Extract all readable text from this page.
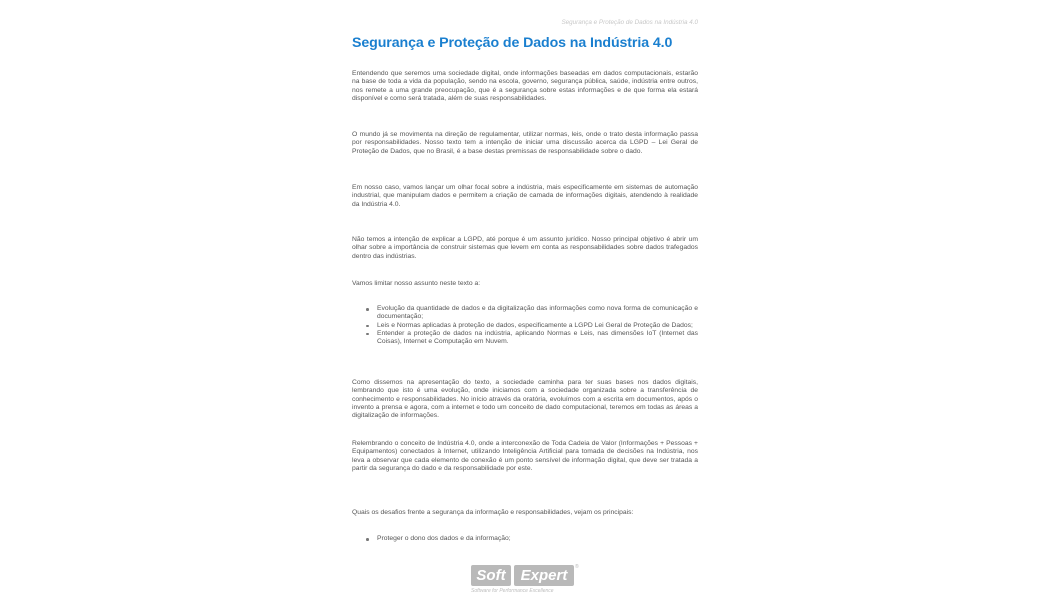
Segurança e Proteção de Dados na Indústria 4.0
Segurança e Proteção de Dados na Indústria 4.0

Entendendo que seremos uma sociedade digital, onde informações baseadas em dados computacionais, estarão na base de toda a vida da população, sendo na escola, governo, segurança pública, saúde, indústria entre outros, nos remete a uma grande preocupação, que é a segurança sobre estas informações e de que forma ela estará disponível e como será tratada, além de suas responsabilidades.

O mundo já se movimenta na direção de regulamentar, utilizar normas, leis, onde o trato desta informação passa por responsabilidades. Nosso texto tem a intenção de iniciar uma discussão acerca da LGPD – Lei Geral de Proteção de Dados, que no Brasil, é a base destas premissas de responsabilidade sobre o dado.

Em nosso caso, vamos lançar um olhar focal sobre a indústria, mais especificamente em sistemas de automação industrial, que manipulam dados e permitem a criação de camada de informações digitais, atendendo à realidade da Indústria 4.0.

Não temos a intenção de explicar a LGPD, até porque é um assunto jurídico. Nosso principal objetivo é abrir um olhar sobre a importância de construir sistemas que levem em conta as responsabilidades sobre dados trafegados dentro das indústrias.

Vamos limitar nosso assunto neste texto a:

Evolução da quantidade de dados e da digitalização das informações como nova forma de comunicação e documentação;
Leis e Normas aplicadas à proteção de dados, especificamente a LGPD Lei Geral de Proteção de Dados;
Entender a proteção de dados na indústria, aplicando Normas e Leis, nas dimensões IoT (Internet das Coisas), Internet e Computação em Nuvem.

Como dissemos na apresentação do texto, a sociedade caminha para ter suas bases nos dados digitais, lembrando que isto é uma evolução, onde iniciamos com a sociedade organizada sobre a transferência de conhecimento e responsabilidades. No início através da oratória, evoluímos com a escrita em documentos, após o invento a prensa e agora, com a internet e todo um conceito de dado computacional, teremos em todas as áreas a digitalização de informações.

Relembrando o conceito de Indústria 4.0, onde a interconexão de Toda Cadeia de Valor (Informações + Pessoas + Equipamentos) conectados à Internet, utilizando Inteligência Artificial para tomada de decisões na Indústria, nos leva a observar que cada elemento de conexão é um ponto sensível de informação digital, que deve ser tratada a partir da segurança do dado e da responsabilidade por este.

Quais os desafios frente a segurança da informação e responsabilidades, vejam os principais:

Proteger o dono dos dados e da informação;
Soft	Expert	®
Software for Performance Excellence
